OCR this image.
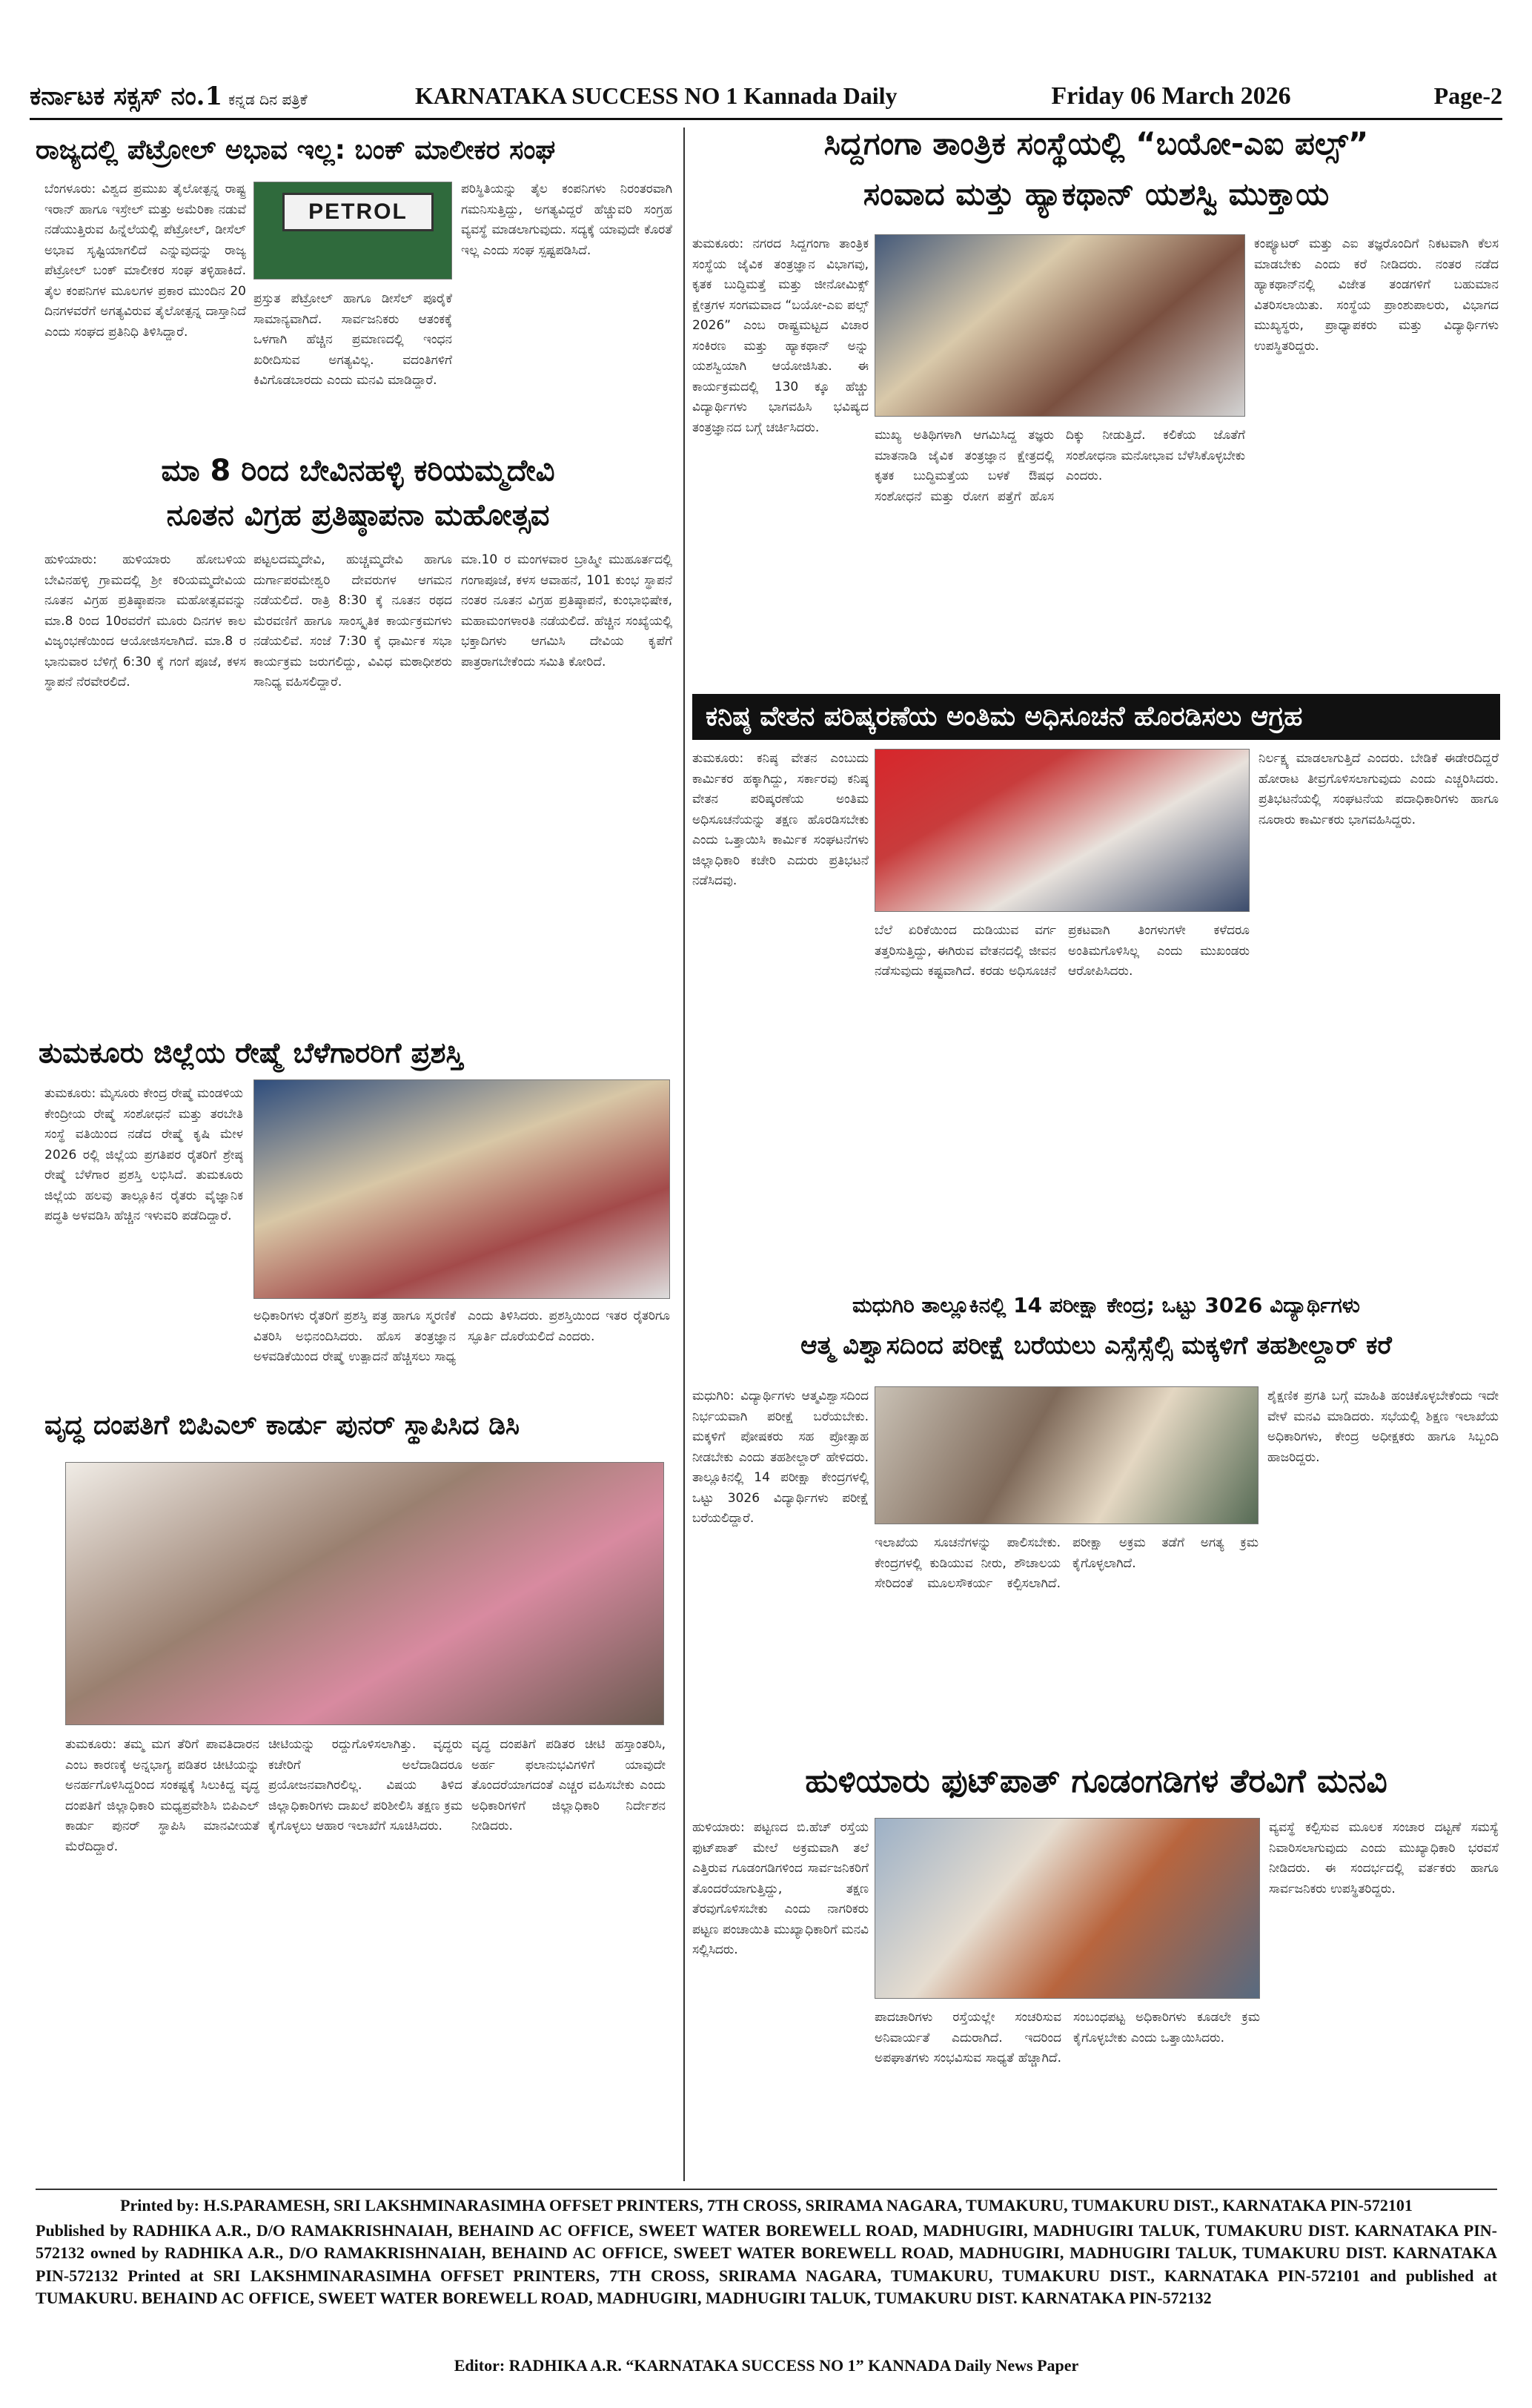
ಕರ್ನಾಟಕ ಸಕ್ಸಸ್ ನಂ.1 ಕನ್ನಡ ದಿನ ಪತ್ರಿಕೆ	KARNATAKA SUCCESS NO 1 Kannada Daily	Friday 06 March 2026	Page-2
ರಾಜ್ಯದಲ್ಲಿ ಪೆಟ್ರೋಲ್ ಅಭಾವ ಇಲ್ಲ: ಬಂಕ್ ಮಾಲೀಕರ ಸಂಘ
ಬೆಂಗಳೂರು: ವಿಶ್ವದ ಪ್ರಮುಖ ತೈಲೋತ್ಪನ್ನ ರಾಷ್ಟ್ರ ಇರಾನ್ ಹಾಗೂ ಇಸ್ರೇಲ್ ಮತ್ತು ಅಮೆರಿಕಾ ನಡುವೆ ನಡೆಯುತ್ತಿರುವ ಹಿನ್ನೆಲೆಯಲ್ಲಿ ಪೆಟ್ರೋಲ್, ಡೀಸೆಲ್ ಅಭಾವ ಸೃಷ್ಟಿಯಾಗಲಿದೆ ಎನ್ನುವುದನ್ನು ರಾಜ್ಯ ಪೆಟ್ರೋಲ್ ಬಂಕ್ ಮಾಲೀಕರ ಸಂಘ ತಳ್ಳಿಹಾಕಿದೆ. ತೈಲ ಕಂಪನಿಗಳ ಮೂಲಗಳ ಪ್ರಕಾರ ಮುಂದಿನ 20 ದಿನಗಳವರೆಗೆ ಅಗತ್ಯವಿರುವ ತೈಲೋತ್ಪನ್ನ ದಾಸ್ತಾನಿದೆ ಎಂದು ಸಂಘದ ಪ್ರತಿನಿಧಿ ತಿಳಿಸಿದ್ದಾರೆ.
PETROL
ಪ್ರಸ್ತುತ ಪೆಟ್ರೋಲ್ ಹಾಗೂ ಡೀಸೆಲ್ ಪೂರೈಕೆ ಸಾಮಾನ್ಯವಾಗಿದೆ. ಸಾರ್ವಜನಿಕರು ಆತಂಕಕ್ಕೆ ಒಳಗಾಗಿ ಹೆಚ್ಚಿನ ಪ್ರಮಾಣದಲ್ಲಿ ಇಂಧನ ಖರೀದಿಸುವ ಅಗತ್ಯವಿಲ್ಲ. ವದಂತಿಗಳಿಗೆ ಕಿವಿಗೊಡಬಾರದು ಎಂದು ಮನವಿ ಮಾಡಿದ್ದಾರೆ.
ಪರಿಸ್ಥಿತಿಯನ್ನು ತೈಲ ಕಂಪನಿಗಳು ನಿರಂತರವಾಗಿ ಗಮನಿಸುತ್ತಿದ್ದು, ಅಗತ್ಯವಿದ್ದರೆ ಹೆಚ್ಚುವರಿ ಸಂಗ್ರಹ ವ್ಯವಸ್ಥೆ ಮಾಡಲಾಗುವುದು. ಸದ್ಯಕ್ಕೆ ಯಾವುದೇ ಕೊರತೆ ಇಲ್ಲ ಎಂದು ಸಂಘ ಸ್ಪಷ್ಟಪಡಿಸಿದೆ.
ಮಾ 8 ರಿಂದ ಬೇವಿನಹಳ್ಳಿ ಕರಿಯಮ್ಮದೇವಿ
ನೂತನ ವಿಗ್ರಹ ಪ್ರತಿಷ್ಠಾಪನಾ ಮಹೋತ್ಸವ
ಹುಳಿಯಾರು: ಹುಳಿಯಾರು ಹೋಬಳಿಯ ಬೇವಿನಹಳ್ಳಿ ಗ್ರಾಮದಲ್ಲಿ ಶ್ರೀ ಕರಿಯಮ್ಮದೇವಿಯ ನೂತನ ವಿಗ್ರಹ ಪ್ರತಿಷ್ಠಾಪನಾ ಮಹೋತ್ಸವವನ್ನು ಮಾ.8 ರಿಂದ 10ರವರೆಗೆ ಮೂರು ದಿನಗಳ ಕಾಲ ವಿಜೃಂಭಣೆಯಿಂದ ಆಯೋಜಿಸಲಾಗಿದೆ. ಮಾ.8 ರ ಭಾನುವಾರ ಬೆಳಿಗ್ಗೆ 6:30 ಕ್ಕೆ ಗಂಗೆ ಪೂಜೆ, ಕಳಸ ಸ್ಥಾಪನೆ ನೆರವೇರಲಿದೆ.
ಪಟ್ಟಲದಮ್ಮದೇವಿ, ಹುಚ್ಚಮ್ಮದೇವಿ ಹಾಗೂ ದುರ್ಗಾಪರಮೇಶ್ವರಿ ದೇವರುಗಳ ಆಗಮನ ನಡೆಯಲಿದೆ. ರಾತ್ರಿ 8:30 ಕ್ಕೆ ನೂತನ ರಥದ ಮೆರವಣಿಗೆ ಹಾಗೂ ಸಾಂಸ್ಕೃತಿಕ ಕಾರ್ಯಕ್ರಮಗಳು ನಡೆಯಲಿವೆ. ಸಂಜೆ 7:30 ಕ್ಕೆ ಧಾರ್ಮಿಕ ಸಭಾ ಕಾರ್ಯಕ್ರಮ ಜರುಗಲಿದ್ದು, ವಿವಿಧ ಮಠಾಧೀಶರು ಸಾನಿಧ್ಯ ವಹಿಸಲಿದ್ದಾರೆ.
ಮಾ.10 ರ ಮಂಗಳವಾರ ಬ್ರಾಹ್ಮೀ ಮುಹೂರ್ತದಲ್ಲಿ ಗಂಗಾಪೂಜೆ, ಕಳಸ ಆವಾಹನೆ, 101 ಕುಂಭ ಸ್ಥಾಪನೆ ನಂತರ ನೂತನ ವಿಗ್ರಹ ಪ್ರತಿಷ್ಠಾಪನೆ, ಕುಂಭಾಭಿಷೇಕ, ಮಹಾಮಂಗಳಾರತಿ ನಡೆಯಲಿದೆ. ಹೆಚ್ಚಿನ ಸಂಖ್ಯೆಯಲ್ಲಿ ಭಕ್ತಾದಿಗಳು ಆಗಮಿಸಿ ದೇವಿಯ ಕೃಪೆಗೆ ಪಾತ್ರರಾಗಬೇಕೆಂದು ಸಮಿತಿ ಕೋರಿದೆ.
ತುಮಕೂರು ಜಿಲ್ಲೆಯ ರೇಷ್ಮೆ ಬೆಳೆಗಾರರಿಗೆ ಪ್ರಶಸ್ತಿ
ತುಮಕೂರು: ಮೈಸೂರು ಕೇಂದ್ರ ರೇಷ್ಮೆ ಮಂಡಳಿಯ ಕೇಂದ್ರೀಯ ರೇಷ್ಮೆ ಸಂಶೋಧನೆ ಮತ್ತು ತರಬೇತಿ ಸಂಸ್ಥೆ ವತಿಯಿಂದ ನಡೆದ ರೇಷ್ಮೆ ಕೃಷಿ ಮೇಳ 2026 ರಲ್ಲಿ ಜಿಲ್ಲೆಯ ಪ್ರಗತಿಪರ ರೈತರಿಗೆ ಶ್ರೇಷ್ಠ ರೇಷ್ಮೆ ಬೆಳೆಗಾರ ಪ್ರಶಸ್ತಿ ಲಭಿಸಿದೆ. ತುಮಕೂರು ಜಿಲ್ಲೆಯ ಹಲವು ತಾಲ್ಲೂಕಿನ ರೈತರು ವೈಜ್ಞಾನಿಕ ಪದ್ಧತಿ ಅಳವಡಿಸಿ ಹೆಚ್ಚಿನ ಇಳುವರಿ ಪಡೆದಿದ್ದಾರೆ.
ಅಧಿಕಾರಿಗಳು ರೈತರಿಗೆ ಪ್ರಶಸ್ತಿ ಪತ್ರ ಹಾಗೂ ಸ್ಮರಣಿಕೆ ವಿತರಿಸಿ ಅಭಿನಂದಿಸಿದರು. ಹೊಸ ತಂತ್ರಜ್ಞಾನ ಅಳವಡಿಕೆಯಿಂದ ರೇಷ್ಮೆ ಉತ್ಪಾದನೆ ಹೆಚ್ಚಿಸಲು ಸಾಧ್ಯ ಎಂದು ತಿಳಿಸಿದರು. ಪ್ರಶಸ್ತಿಯಿಂದ ಇತರ ರೈತರಿಗೂ ಸ್ಫೂರ್ತಿ ದೊರೆಯಲಿದೆ ಎಂದರು.
ವೃದ್ಧ ದಂಪತಿಗೆ ಬಿಪಿಎಲ್ ಕಾರ್ಡು ಪುನರ್ ಸ್ಥಾಪಿಸಿದ ಡಿಸಿ
ತುಮಕೂರು: ತಮ್ಮ ಮಗ ತೆರಿಗೆ ಪಾವತಿದಾರನ ಎಂಬ ಕಾರಣಕ್ಕೆ ಅನ್ನಭಾಗ್ಯ ಪಡಿತರ ಚೀಟಿಯನ್ನು ಅನರ್ಹಗೊಳಿಸಿದ್ದರಿಂದ ಸಂಕಷ್ಟಕ್ಕೆ ಸಿಲುಕಿದ್ದ ವೃದ್ಧ ದಂಪತಿಗೆ ಜಿಲ್ಲಾಧಿಕಾರಿ ಮಧ್ಯಪ್ರವೇಶಿಸಿ ಬಿಪಿಎಲ್ ಕಾರ್ಡು ಪುನರ್ ಸ್ಥಾಪಿಸಿ ಮಾನವೀಯತೆ ಮೆರೆದಿದ್ದಾರೆ.
ಚೀಟಿಯನ್ನು ರದ್ದುಗೊಳಿಸಲಾಗಿತ್ತು. ವೃದ್ಧರು ಕಚೇರಿಗೆ ಅಲೆದಾಡಿದರೂ ಪ್ರಯೋಜನವಾಗಿರಲಿಲ್ಲ. ವಿಷಯ ತಿಳಿದ ಜಿಲ್ಲಾಧಿಕಾರಿಗಳು ದಾಖಲೆ ಪರಿಶೀಲಿಸಿ ತಕ್ಷಣ ಕ್ರಮ ಕೈಗೊಳ್ಳಲು ಆಹಾರ ಇಲಾಖೆಗೆ ಸೂಚಿಸಿದರು.
ವೃದ್ಧ ದಂಪತಿಗೆ ಪಡಿತರ ಚೀಟಿ ಹಸ್ತಾಂತರಿಸಿ, ಅರ್ಹ ಫಲಾನುಭವಿಗಳಿಗೆ ಯಾವುದೇ ತೊಂದರೆಯಾಗದಂತೆ ಎಚ್ಚರ ವಹಿಸಬೇಕು ಎಂದು ಅಧಿಕಾರಿಗಳಿಗೆ ಜಿಲ್ಲಾಧಿಕಾರಿ ನಿರ್ದೇಶನ ನೀಡಿದರು.
ಸಿದ್ದಗಂಗಾ ತಾಂತ್ರಿಕ ಸಂಸ್ಥೆಯಲ್ಲಿ “ಬಯೋ-ಎಐ ಪಲ್ಸ್”
ಸಂವಾದ ಮತ್ತು ಹ್ಯಾಕಥಾನ್ ಯಶಸ್ವಿ ಮುಕ್ತಾಯ
ತುಮಕೂರು: ನಗರದ ಸಿದ್ದಗಂಗಾ ತಾಂತ್ರಿಕ ಸಂಸ್ಥೆಯ ಜೈವಿಕ ತಂತ್ರಜ್ಞಾನ ವಿಭಾಗವು, ಕೃತಕ ಬುದ್ಧಿಮತ್ತೆ ಮತ್ತು ಜೀನೋಮಿಕ್ಸ್ ಕ್ಷೇತ್ರಗಳ ಸಂಗಮವಾದ “ಬಯೋ-ಎಐ ಪಲ್ಸ್ 2026” ಎಂಬ ರಾಷ್ಟ್ರಮಟ್ಟದ ವಿಚಾರ ಸಂಕಿರಣ ಮತ್ತು ಹ್ಯಾಕಥಾನ್ ಅನ್ನು ಯಶಸ್ವಿಯಾಗಿ ಆಯೋಜಿಸಿತು. ಈ ಕಾರ್ಯಕ್ರಮದಲ್ಲಿ 130 ಕ್ಕೂ ಹೆಚ್ಚು ವಿದ್ಯಾರ್ಥಿಗಳು ಭಾಗವಹಿಸಿ ಭವಿಷ್ಯದ ತಂತ್ರಜ್ಞಾನದ ಬಗ್ಗೆ ಚರ್ಚಿಸಿದರು.
ಮುಖ್ಯ ಅತಿಥಿಗಳಾಗಿ ಆಗಮಿಸಿದ್ದ ತಜ್ಞರು ಮಾತನಾಡಿ ಜೈವಿಕ ತಂತ್ರಜ್ಞಾನ ಕ್ಷೇತ್ರದಲ್ಲಿ ಕೃತಕ ಬುದ್ಧಿಮತ್ತೆಯ ಬಳಕೆ ಔಷಧ ಸಂಶೋಧನೆ ಮತ್ತು ರೋಗ ಪತ್ತೆಗೆ ಹೊಸ ದಿಕ್ಕು ನೀಡುತ್ತಿದೆ. ಕಲಿಕೆಯ ಜೊತೆಗೆ ಸಂಶೋಧನಾ ಮನೋಭಾವ ಬೆಳೆಸಿಕೊಳ್ಳಬೇಕು ಎಂದರು.
ಕಂಪ್ಯೂಟರ್ ಮತ್ತು ಎಐ ತಜ್ಞರೊಂದಿಗೆ ನಿಕಟವಾಗಿ ಕೆಲಸ ಮಾಡಬೇಕು ಎಂದು ಕರೆ ನೀಡಿದರು. ನಂತರ ನಡೆದ ಹ್ಯಾಕಥಾನ್‌ನಲ್ಲಿ ವಿಜೇತ ತಂಡಗಳಿಗೆ ಬಹುಮಾನ ವಿತರಿಸಲಾಯಿತು. ಸಂಸ್ಥೆಯ ಪ್ರಾಂಶುಪಾಲರು, ವಿಭಾಗದ ಮುಖ್ಯಸ್ಥರು, ಪ್ರಾಧ್ಯಾಪಕರು ಮತ್ತು ವಿದ್ಯಾರ್ಥಿಗಳು ಉಪಸ್ಥಿತರಿದ್ದರು.
ಕನಿಷ್ಠ ವೇತನ ಪರಿಷ್ಕರಣೆಯ ಅಂತಿಮ ಅಧಿಸೂಚನೆ ಹೊರಡಿಸಲು ಆಗ್ರಹ
ತುಮಕೂರು: ಕನಿಷ್ಠ ವೇತನ ಎಂಬುದು ಕಾರ್ಮಿಕರ ಹಕ್ಕಾಗಿದ್ದು, ಸರ್ಕಾರವು ಕನಿಷ್ಠ ವೇತನ ಪರಿಷ್ಕರಣೆಯ ಅಂತಿಮ ಅಧಿಸೂಚನೆಯನ್ನು ತಕ್ಷಣ ಹೊರಡಿಸಬೇಕು ಎಂದು ಒತ್ತಾಯಿಸಿ ಕಾರ್ಮಿಕ ಸಂಘಟನೆಗಳು ಜಿಲ್ಲಾಧಿಕಾರಿ ಕಚೇರಿ ಎದುರು ಪ್ರತಿಭಟನೆ ನಡೆಸಿದವು.
ಬೆಲೆ ಏರಿಕೆಯಿಂದ ದುಡಿಯುವ ವರ್ಗ ತತ್ತರಿಸುತ್ತಿದ್ದು, ಈಗಿರುವ ವೇತನದಲ್ಲಿ ಜೀವನ ನಡೆಸುವುದು ಕಷ್ಟವಾಗಿದೆ. ಕರಡು ಅಧಿಸೂಚನೆ ಪ್ರಕಟವಾಗಿ ತಿಂಗಳುಗಳೇ ಕಳೆದರೂ ಅಂತಿಮಗೊಳಿಸಿಲ್ಲ ಎಂದು ಮುಖಂಡರು ಆರೋಪಿಸಿದರು.
ನಿರ್ಲಕ್ಷ್ಯ ಮಾಡಲಾಗುತ್ತಿದೆ ಎಂದರು. ಬೇಡಿಕೆ ಈಡೇರದಿದ್ದರೆ ಹೋರಾಟ ತೀವ್ರಗೊಳಿಸಲಾಗುವುದು ಎಂದು ಎಚ್ಚರಿಸಿದರು. ಪ್ರತಿಭಟನೆಯಲ್ಲಿ ಸಂಘಟನೆಯ ಪದಾಧಿಕಾರಿಗಳು ಹಾಗೂ ನೂರಾರು ಕಾರ್ಮಿಕರು ಭಾಗವಹಿಸಿದ್ದರು.
ಮಧುಗಿರಿ ತಾಲ್ಲೂಕಿನಲ್ಲಿ 14 ಪರೀಕ್ಷಾ ಕೇಂದ್ರ; ಒಟ್ಟು 3026 ವಿದ್ಯಾರ್ಥಿಗಳು
ಆತ್ಮ ವಿಶ್ವಾಸದಿಂದ ಪರೀಕ್ಷೆ ಬರೆಯಲು ಎಸ್ಸೆಸ್ಸೆಲ್ಸಿ ಮಕ್ಕಳಿಗೆ ತಹಶೀಲ್ದಾರ್ ಕರೆ
ಮಧುಗಿರಿ: ವಿದ್ಯಾರ್ಥಿಗಳು ಆತ್ಮವಿಶ್ವಾಸದಿಂದ ನಿರ್ಭಯವಾಗಿ ಪರೀಕ್ಷೆ ಬರೆಯಬೇಕು. ಮಕ್ಕಳಿಗೆ ಪೋಷಕರು ಸಹ ಪ್ರೋತ್ಸಾಹ ನೀಡಬೇಕು ಎಂದು ತಹಶೀಲ್ದಾರ್ ಹೇಳಿದರು. ತಾಲ್ಲೂಕಿನಲ್ಲಿ 14 ಪರೀಕ್ಷಾ ಕೇಂದ್ರಗಳಲ್ಲಿ ಒಟ್ಟು 3026 ವಿದ್ಯಾರ್ಥಿಗಳು ಪರೀಕ್ಷೆ ಬರೆಯಲಿದ್ದಾರೆ.
ಇಲಾಖೆಯ ಸೂಚನೆಗಳನ್ನು ಪಾಲಿಸಬೇಕು. ಕೇಂದ್ರಗಳಲ್ಲಿ ಕುಡಿಯುವ ನೀರು, ಶೌಚಾಲಯ ಸೇರಿದಂತೆ ಮೂಲಸೌಕರ್ಯ ಕಲ್ಪಿಸಲಾಗಿದೆ. ಪರೀಕ್ಷಾ ಅಕ್ರಮ ತಡೆಗೆ ಅಗತ್ಯ ಕ್ರಮ ಕೈಗೊಳ್ಳಲಾಗಿದೆ.
ಶೈಕ್ಷಣಿಕ ಪ್ರಗತಿ ಬಗ್ಗೆ ಮಾಹಿತಿ ಹಂಚಿಕೊಳ್ಳಬೇಕೆಂದು ಇದೇ ವೇಳೆ ಮನವಿ ಮಾಡಿದರು. ಸಭೆಯಲ್ಲಿ ಶಿಕ್ಷಣ ಇಲಾಖೆಯ ಅಧಿಕಾರಿಗಳು, ಕೇಂದ್ರ ಅಧೀಕ್ಷಕರು ಹಾಗೂ ಸಿಬ್ಬಂದಿ ಹಾಜರಿದ್ದರು.
ಹುಳಿಯಾರು ಫುಟ್‌ಪಾತ್ ಗೂಡಂಗಡಿಗಳ ತೆರವಿಗೆ ಮನವಿ
ಹುಳಿಯಾರು: ಪಟ್ಟಣದ ಬಿ.ಹೆಚ್ ರಸ್ತೆಯ ಫುಟ್‌ಪಾತ್ ಮೇಲೆ ಅಕ್ರಮವಾಗಿ ತಲೆ ಎತ್ತಿರುವ ಗೂಡಂಗಡಿಗಳಿಂದ ಸಾರ್ವಜನಿಕರಿಗೆ ತೊಂದರೆಯಾಗುತ್ತಿದ್ದು, ತಕ್ಷಣ ತೆರವುಗೊಳಿಸಬೇಕು ಎಂದು ನಾಗರಿಕರು ಪಟ್ಟಣ ಪಂಚಾಯಿತಿ ಮುಖ್ಯಾಧಿಕಾರಿಗೆ ಮನವಿ ಸಲ್ಲಿಸಿದರು.
ಪಾದಚಾರಿಗಳು ರಸ್ತೆಯಲ್ಲೇ ಸಂಚರಿಸುವ ಅನಿವಾರ್ಯತೆ ಎದುರಾಗಿದೆ. ಇದರಿಂದ ಅಪಘಾತಗಳು ಸಂಭವಿಸುವ ಸಾಧ್ಯತೆ ಹೆಚ್ಚಾಗಿದೆ. ಸಂಬಂಧಪಟ್ಟ ಅಧಿಕಾರಿಗಳು ಕೂಡಲೇ ಕ್ರಮ ಕೈಗೊಳ್ಳಬೇಕು ಎಂದು ಒತ್ತಾಯಿಸಿದರು.
ವ್ಯವಸ್ಥೆ ಕಲ್ಪಿಸುವ ಮೂಲಕ ಸಂಚಾರ ದಟ್ಟಣೆ ಸಮಸ್ಯೆ ನಿವಾರಿಸಲಾಗುವುದು ಎಂದು ಮುಖ್ಯಾಧಿಕಾರಿ ಭರವಸೆ ನೀಡಿದರು. ಈ ಸಂದರ್ಭದಲ್ಲಿ ವರ್ತಕರು ಹಾಗೂ ಸಾರ್ವಜನಿಕರು ಉಪಸ್ಥಿತರಿದ್ದರು.
Printed by: H.S.PARAMESH, SRI LAKSHMINARASIMHA OFFSET PRINTERS, 7TH CROSS, SRIRAMA NAGARA, TUMAKURU, TUMAKURU DIST., KARNATAKA PIN-572101
Published by RADHIKA A.R., D/O RAMAKRISHNAIAH, BEHAIND AC OFFICE, SWEET WATER BOREWELL ROAD, MADHUGIRI, MADHUGIRI TALUK, TUMAKURU DIST. KARNATAKA PIN-572132 owned by RADHIKA A.R., D/O RAMAKRISHNAIAH, BEHAIND AC OFFICE, SWEET WATER BOREWELL ROAD, MADHUGIRI, MADHUGIRI TALUK, TUMAKURU DIST. KARNATAKA PIN-572132 Printed at SRI LAKSHMINARASIMHA OFFSET PRINTERS, 7TH CROSS, SRIRAMA NAGARA, TUMAKURU, TUMAKURU DIST., KARNATAKA PIN-572101 and published at TUMAKURU. BEHAIND AC OFFICE, SWEET WATER BOREWELL ROAD, MADHUGIRI, MADHUGIRI TALUK, TUMAKURU DIST. KARNATAKA PIN-572132
Editor: RADHIKA A.R. “KARNATAKA SUCCESS NO 1” KANNADA Daily News Paper
